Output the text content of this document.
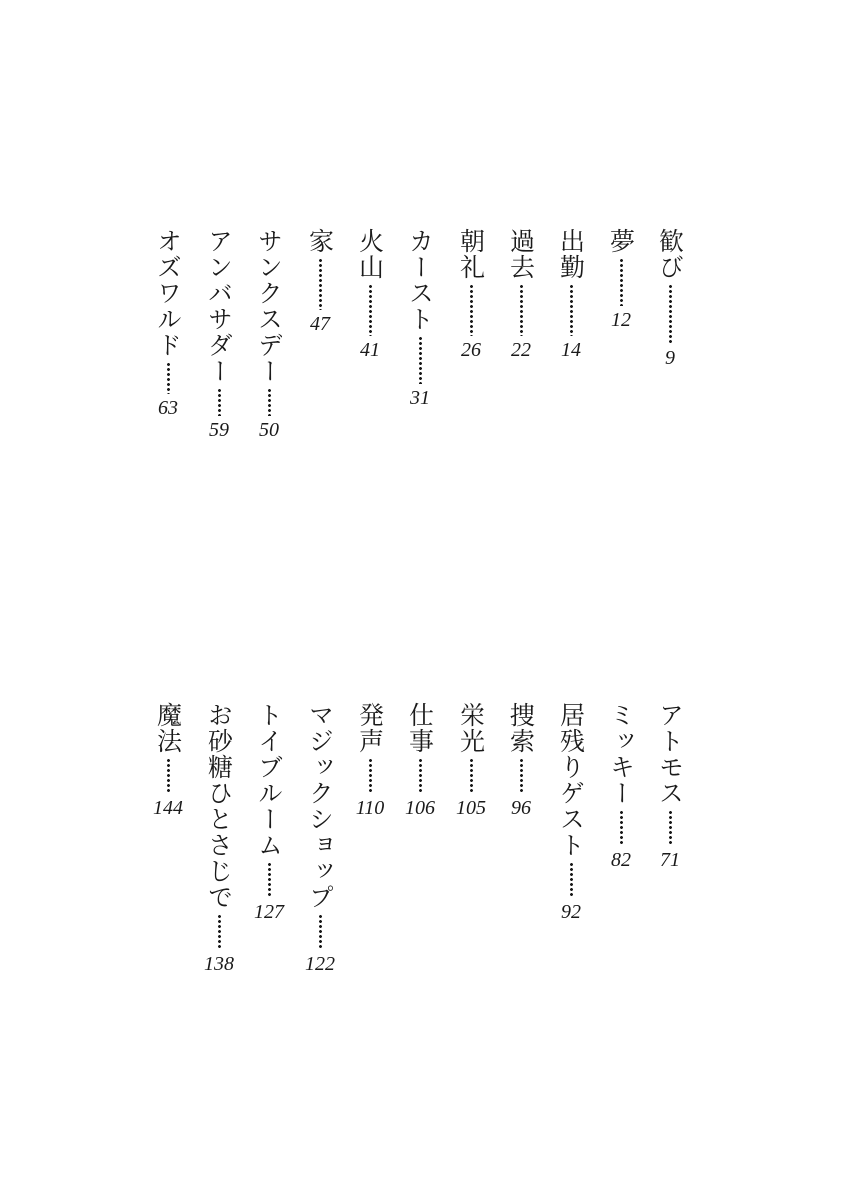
歓び
9
夢
12
出勤
14
過去
22
朝礼
26
カースト
31
火山
41
家
47
サンクスデー
50
アンバサダー
59
オズワルド
63
アトモス
71
ミッキー
82
居残りゲスト
92
捜索
96
栄光
105
仕事
106
発声
110
マジックショップ
122
トイブルーム
127
お砂糖ひとさじで
138
魔法
144
